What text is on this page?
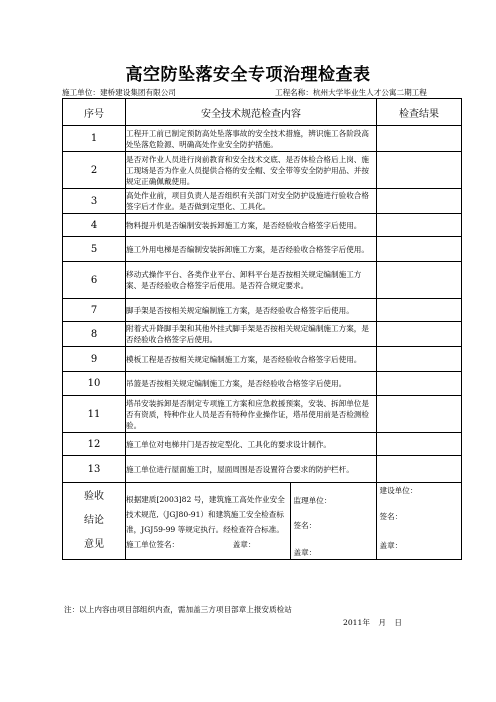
高空防坠落安全专项治理检查表
施工单位：建桥建设集团有限公司	工程名称：杭州大学毕业生人才公寓二期工程
序号	安全技术规范检查内容	检查结果
1	工程开工前已制定预防高处坠落事故的安全技术措施，辨识施工各阶段高处坠落危险源、明确高处作业安全防护措施。	
2	是否对作业人员进行岗前教育和安全技术交底、是否体检合格后上岗、施工现场是否为作业人员提供合格的安全帽、安全带等安全防护用品、并按规定正确佩戴使用。	
3	高处作业前，项目负责人是否组织有关部门对安全防护设施进行验收合格签字后才作业。是否做到定型化、工具化。	
4	物料提升机是否编制安装拆卸施工方案，是否经验收合格签字后使用。	
5	施工外用电梯是否编制安装拆卸施工方案，是否经验收合格签字后使用。	
6	移动式操作平台、各类作业平台、卸料平台是否按相关规定编制施工方案、是否经验收合格签字后使用。是否符合规定要求。	
7	脚手架是否按相关规定编制施工方案，是否经验收合格签字后使用。	
8	附着式升降脚手架和其他外挂式脚手架是否按相关规定编制施工方案，是否经验收合格签字后使用。	
9	模板工程是否按相关规定编制施工方案，是否经验收合格签字后使用。	
10	吊篮是否按相关规定编制施工方案，是否经验收合格签字后使用。	
11	塔吊安装拆卸是否制定专项施工方案和应急救援预案，安装、拆卸单位是否有资质，特种作业人员是否有特种作业操作证，塔吊使用前是否检测检验。	
12	施工单位对电梯井门是否按定型化、工具化的要求设计制作。	
13	施工单位进行屋面施工时，屋面周围是否设置符合要求的防护栏杆。	

验收结论意见

根据建质[2003]82 号，建筑施工高处作业安全技术规范,（JGJ80-91）和建筑施工安全检查标准，JGJ59-99 等规定执行。经检查符合标准。
施工单位签名：	盖章：

监理单位：
签名：
盖章：

建设单位：
签名：
盖章：
注：以上内容由项目部组织内查，需加盖三方项目部章上报安质检站
2011年 月 日
